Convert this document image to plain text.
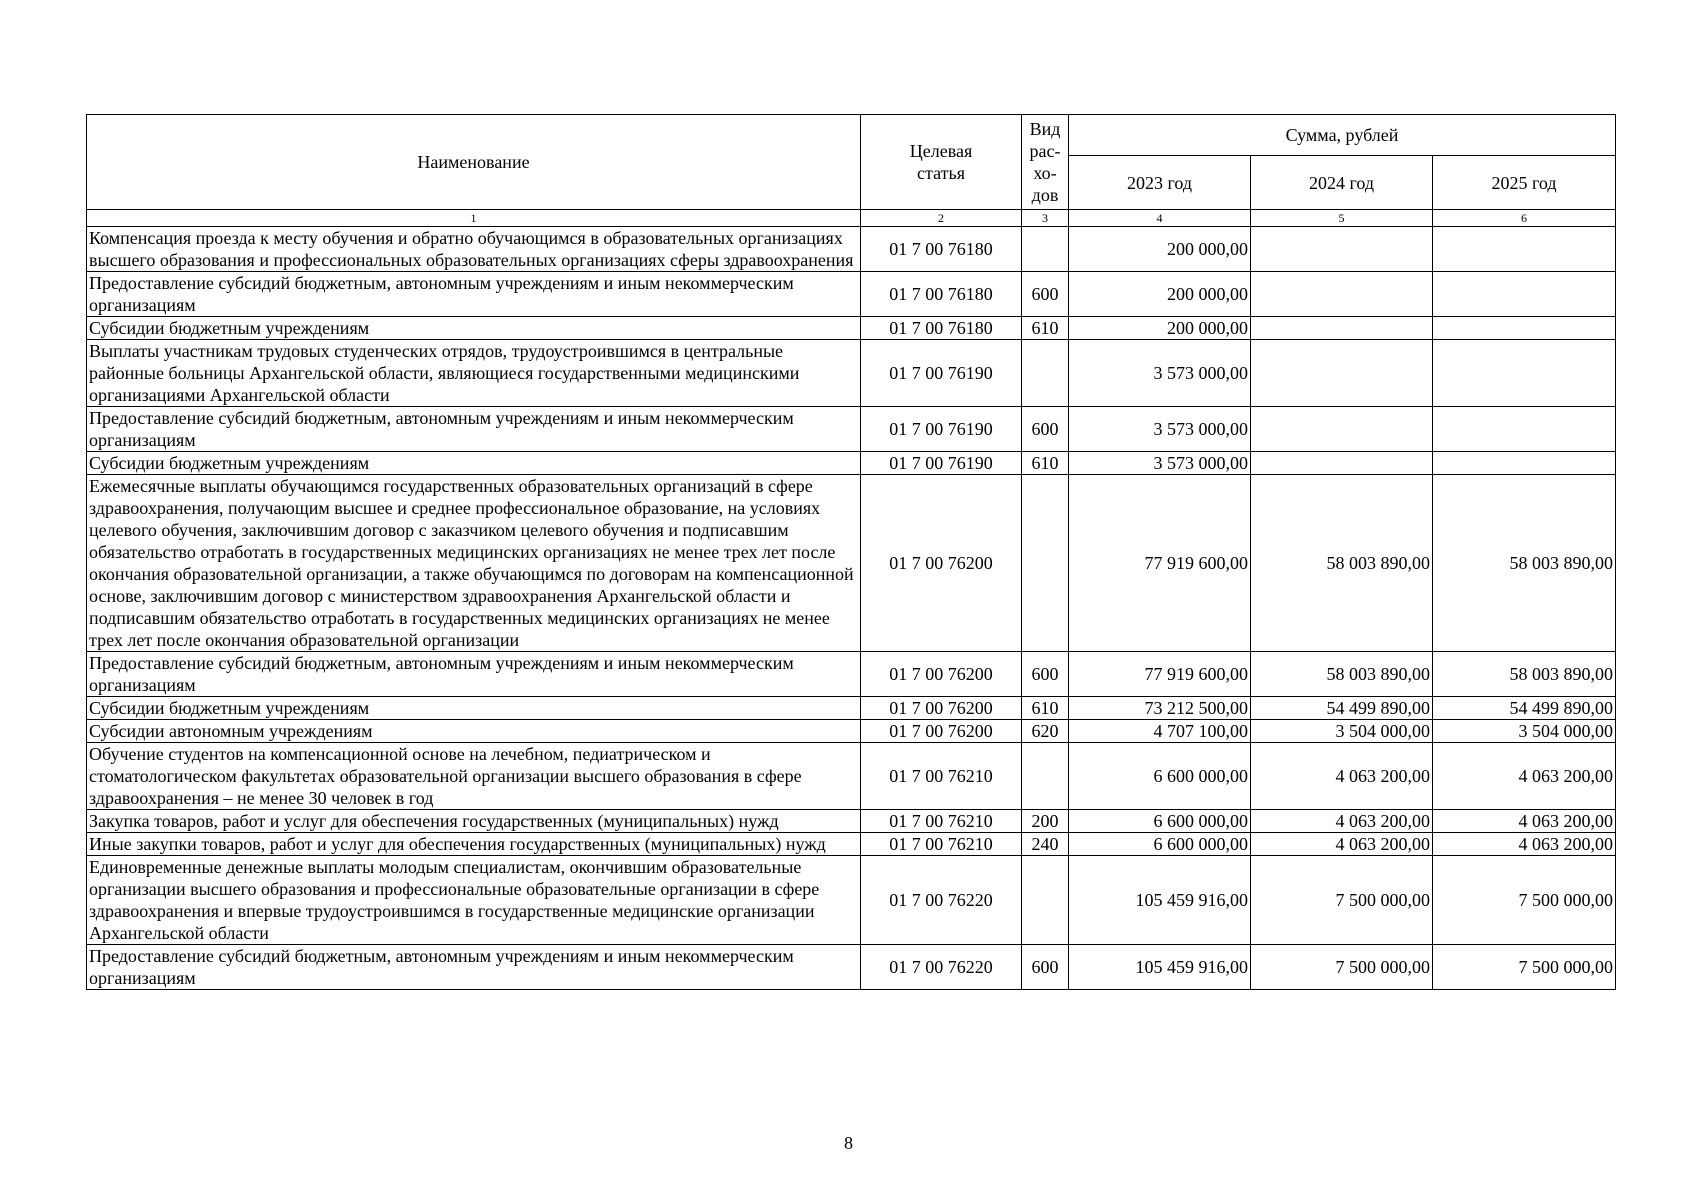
Наименование	Целевая статья	Вид рас-хо-дов	Сумма, рублей		
			2023 год	2024 год	2025 год
1	2	3	4	5	6
Компенсация проезда к месту обучения и обратно обучающимся в образовательных организациях высшего образования и профессиональных образовательных организациях сферы здравоохранения	01 7 00 76180		200 000,00		
Предоставление субсидий бюджетным, автономным учреждениям и иным некоммерческим организациям	01 7 00 76180	600	200 000,00		
Субсидии бюджетным учреждениям	01 7 00 76180	610	200 000,00		
Выплаты участникам трудовых студенческих отрядов, трудоустроившимся в центральные районные больницы Архангельской области, являющиеся государственными медицинскими организациями Архангельской области	01 7 00 76190		3 573 000,00		
Предоставление субсидий бюджетным, автономным учреждениям и иным некоммерческим организациям	01 7 00 76190	600	3 573 000,00		
Субсидии бюджетным учреждениям	01 7 00 76190	610	3 573 000,00		
Ежемесячные выплаты обучающимся государственных образовательных организаций в сфере здравоохранения, получающим высшее и среднее профессиональное образование, на условиях целевого обучения, заключившим договор с заказчиком целевого обучения и подписавшим обязательство отработать в государственных медицинских организациях не менее трех лет после окончания образовательной организации, а также обучающимся по договорам на компенсационной основе, заключившим договор с министерством здравоохранения Архангельской области и подписавшим обязательство отработать в государственных медицинских организациях не менее трех лет после окончания образовательной организации	01 7 00 76200		77 919 600,00	58 003 890,00	58 003 890,00
Предоставление субсидий бюджетным, автономным учреждениям и иным некоммерческим организациям	01 7 00 76200	600	77 919 600,00	58 003 890,00	58 003 890,00
Субсидии бюджетным учреждениям	01 7 00 76200	610	73 212 500,00	54 499 890,00	54 499 890,00
Субсидии автономным учреждениям	01 7 00 76200	620	4 707 100,00	3 504 000,00	3 504 000,00
Обучение студентов на компенсационной основе на лечебном, педиатрическом и стоматологическом факультетах образовательной организации высшего образования в сфере здравоохранения – не менее 30 человек в год	01 7 00 76210		6 600 000,00	4 063 200,00	4 063 200,00
Закупка товаров, работ и услуг для обеспечения государственных (муниципальных) нужд	01 7 00 76210	200	6 600 000,00	4 063 200,00	4 063 200,00
Иные закупки товаров, работ и услуг для обеспечения государственных (муниципальных) нужд	01 7 00 76210	240	6 600 000,00	4 063 200,00	4 063 200,00
Единовременные денежные выплаты молодым специалистам, окончившим образовательные организации высшего образования и профессиональные образовательные организации в сфере здравоохранения и впервые трудоустроившимся в государственные медицинские организации Архангельской области	01 7 00 76220		105 459 916,00	7 500 000,00	7 500 000,00
Предоставление субсидий бюджетным, автономным учреждениям и иным некоммерческим организациям	01 7 00 76220	600	105 459 916,00	7 500 000,00	7 500 000,00
8
